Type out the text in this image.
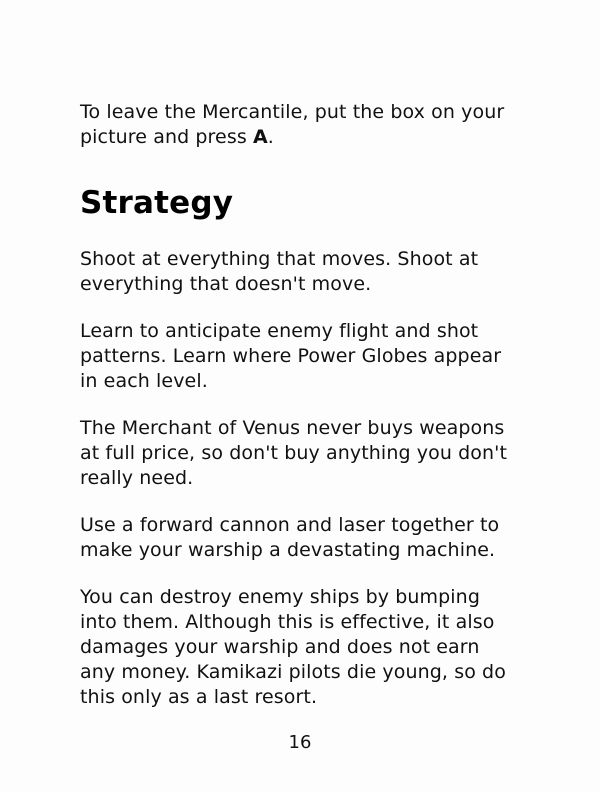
To leave the Mercantile, put the box on your picture and press A.

Strategy

Shoot at everything that moves. Shoot at everything that doesn't move.

Learn to anticipate enemy flight and shot patterns. Learn where Power Globes appear in each level.

The Merchant of Venus never buys weapons at full price, so don't buy anything you don't really need.

Use a forward cannon and laser together to make your warship a devastating machine.

You can destroy enemy ships by bumping into them. Although this is effective, it also damages your warship and does not earn any money. Kamikazi pilots die young, so do this only as a last resort.

16
